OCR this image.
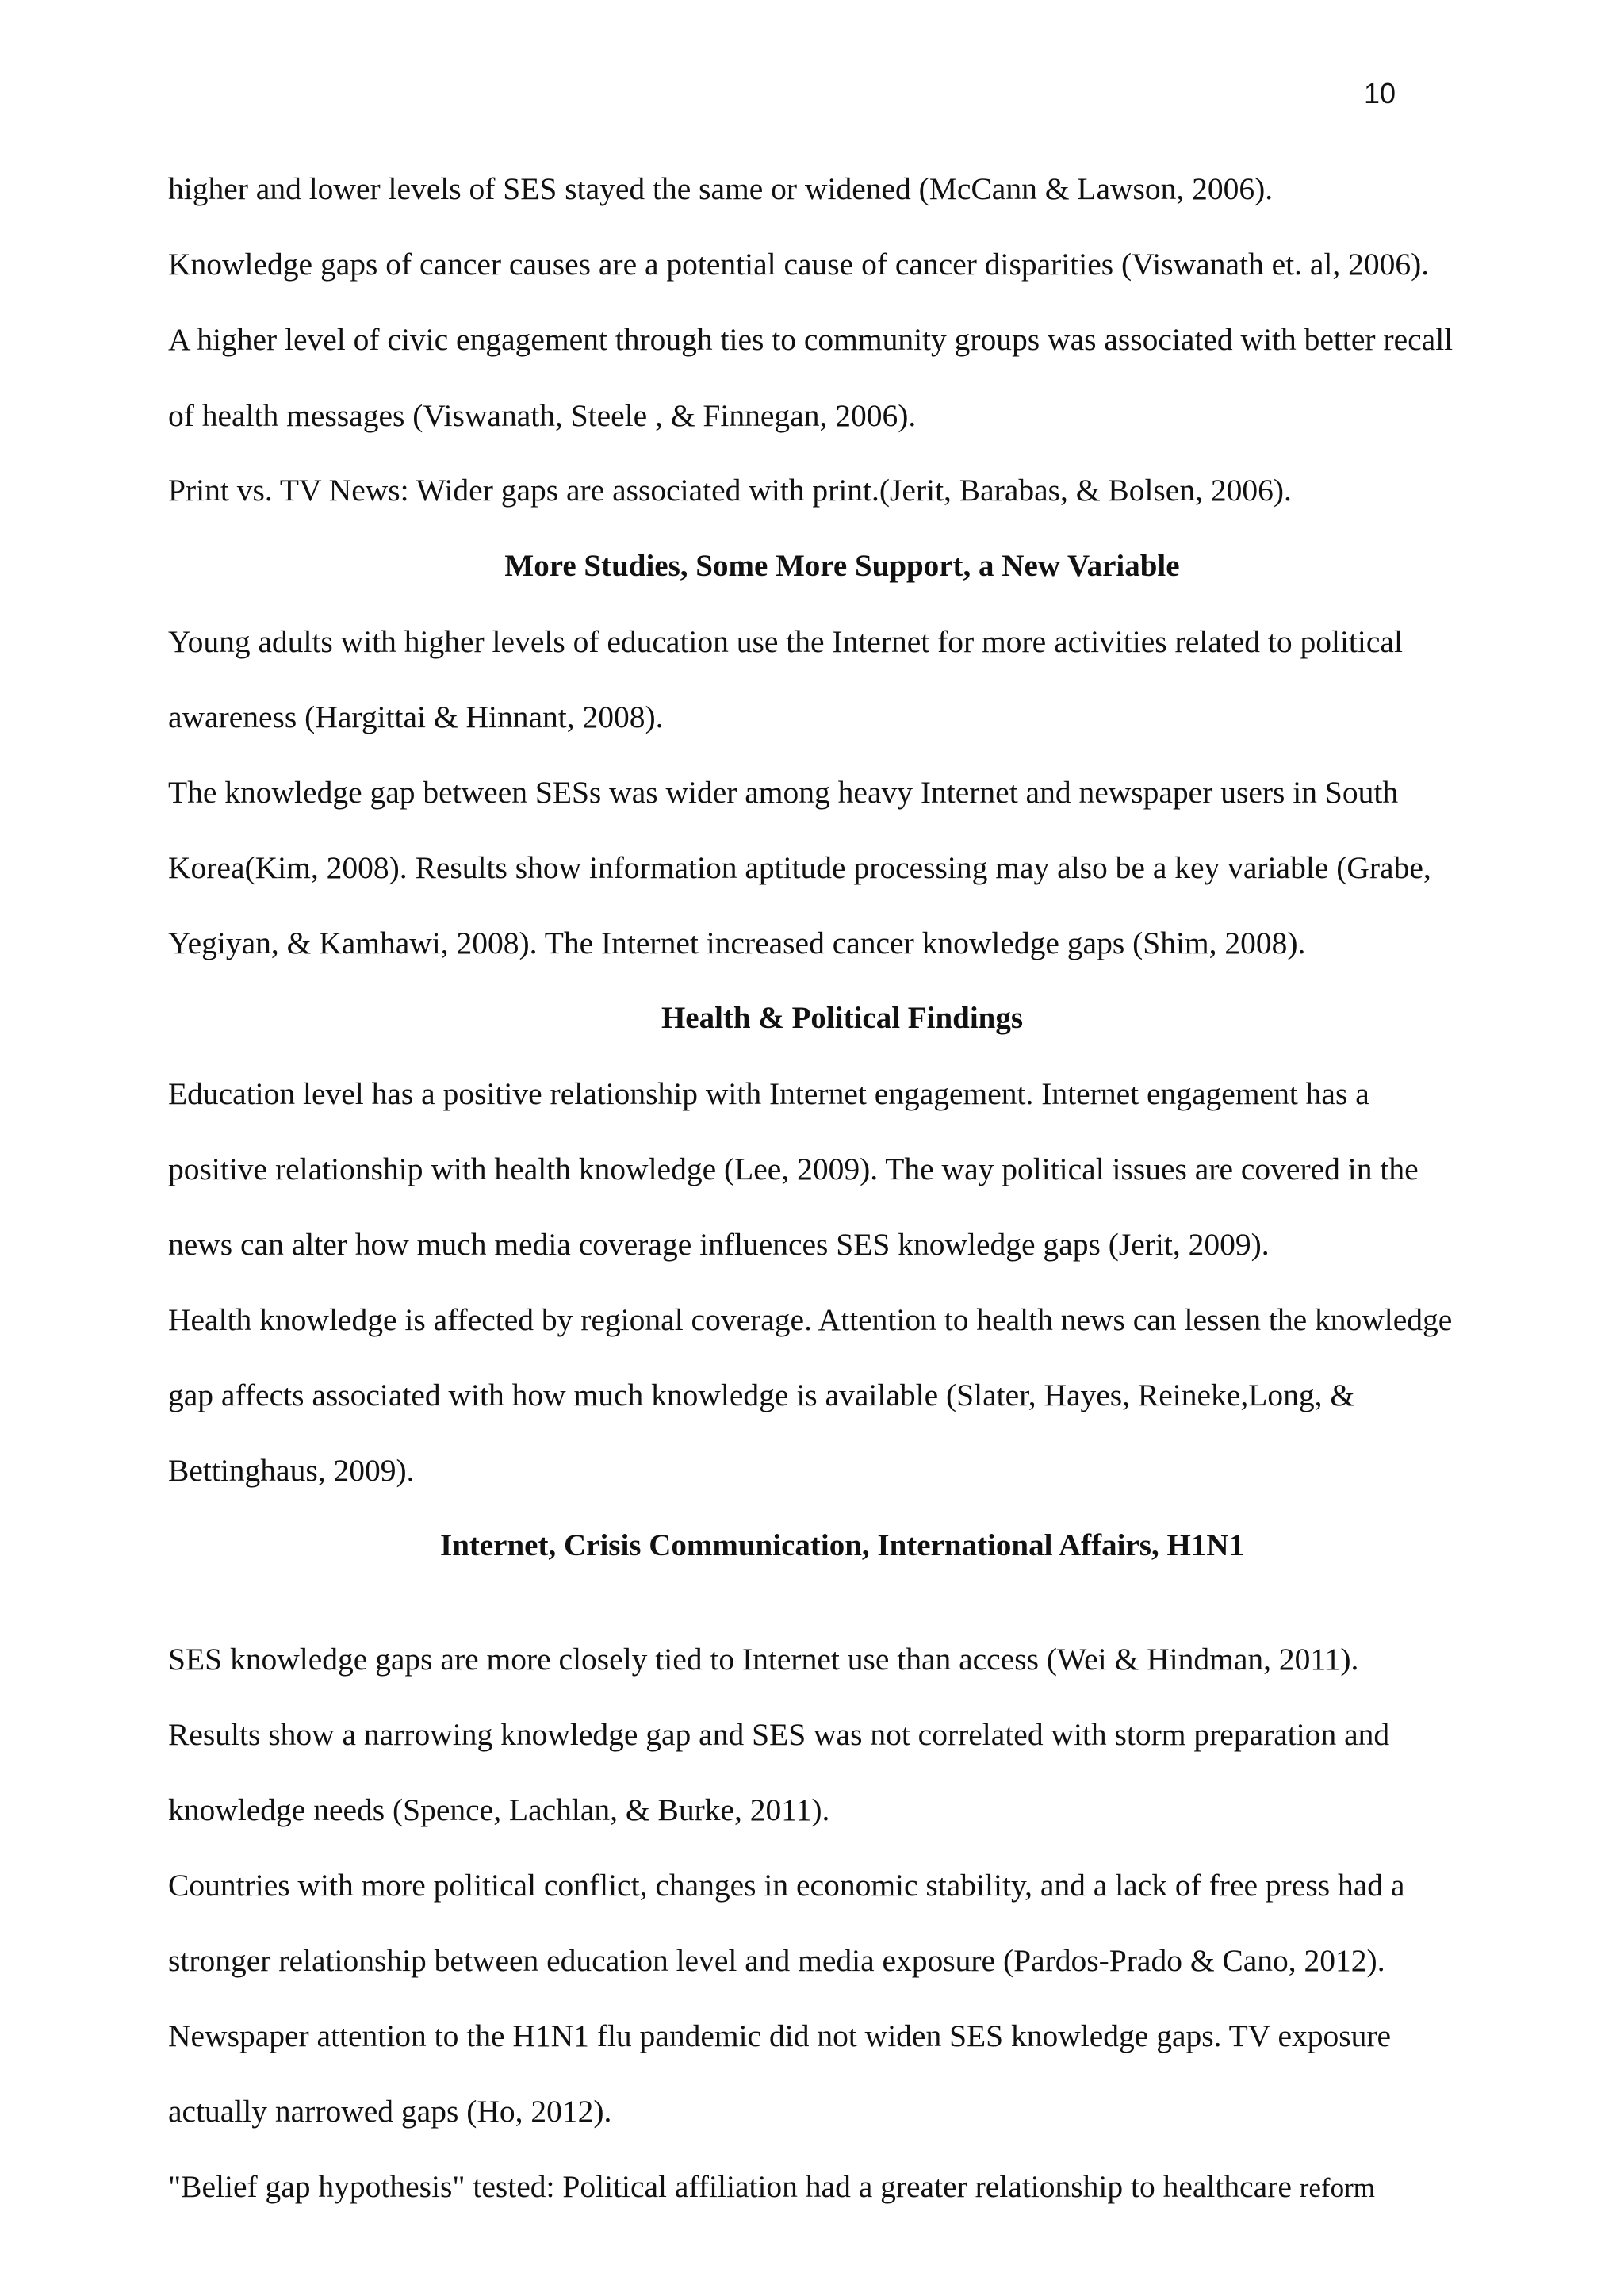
10
higher and lower levels of SES stayed the same or widened (McCann & Lawson, 2006).
Knowledge gaps of cancer causes are a potential cause of cancer disparities (Viswanath et. al, 2006).
A higher level of civic engagement through ties to community groups was associated with better recall
of health messages (Viswanath, Steele , & Finnegan, 2006).
Print vs. TV News: Wider gaps are associated with print.(Jerit, Barabas, & Bolsen, 2006).
More Studies, Some More Support, a New Variable
Young adults with higher levels of education use the Internet for more activities related to political
awareness (Hargittai & Hinnant, 2008).
The knowledge gap between SESs was wider among heavy Internet and newspaper users in South
Korea(Kim, 2008). Results show information aptitude processing may also be a key variable (Grabe,
Yegiyan, & Kamhawi, 2008). The Internet increased cancer knowledge gaps (Shim, 2008).
Health & Political Findings
Education level has a positive relationship with Internet engagement. Internet engagement has a
positive relationship with health knowledge (Lee, 2009). The way political issues are covered in the
news can alter how much media coverage influences SES knowledge gaps (Jerit, 2009).
Health knowledge is affected by regional coverage. Attention to health news can lessen the knowledge
gap affects associated with how much knowledge is available (Slater, Hayes, Reineke,Long, &
Bettinghaus, 2009).
Internet, Crisis Communication, International Affairs, H1N1
SES knowledge gaps are more closely tied to Internet use than access (Wei & Hindman, 2011).
Results show a narrowing knowledge gap and SES was not correlated with storm preparation and
knowledge needs (Spence, Lachlan, & Burke, 2011).
Countries with more political conflict, changes in economic stability, and a lack of free press had a
stronger relationship between education level and media exposure (Pardos-Prado & Cano, 2012).
Newspaper attention to the H1N1 flu pandemic did not widen SES knowledge gaps. TV exposure
actually narrowed gaps (Ho, 2012).
"Belief gap hypothesis" tested: Political affiliation had a greater relationship to healthcare reform
